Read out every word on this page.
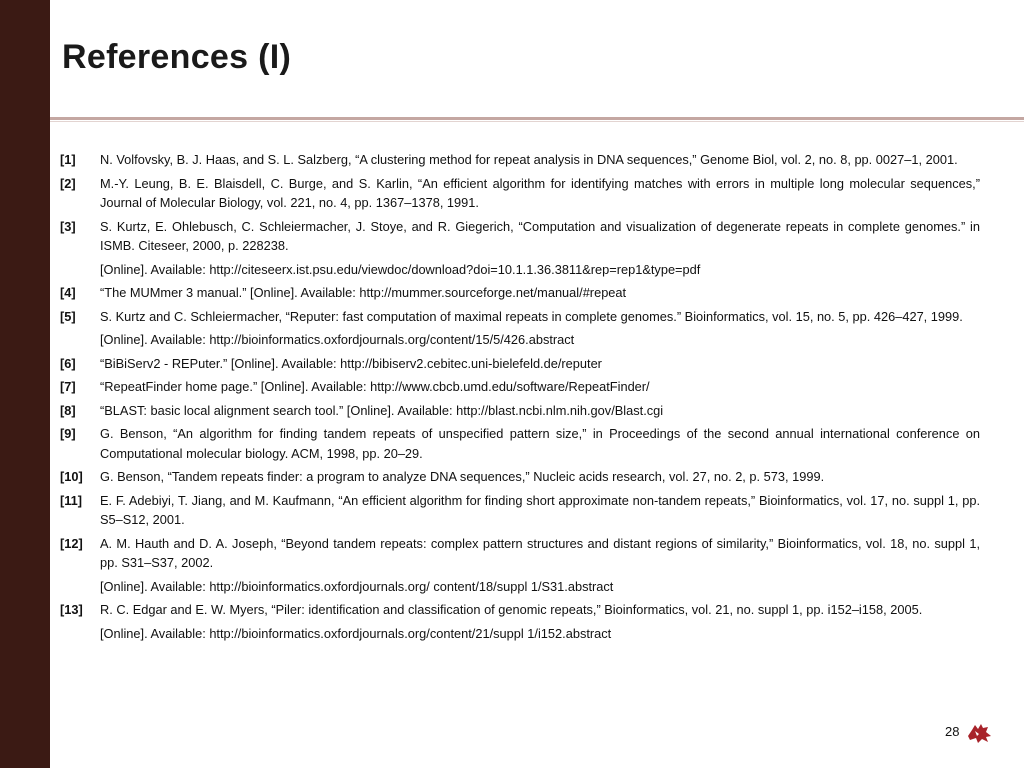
References (I)
[1]	N. Volfovsky, B. J. Haas, and S. L. Salzberg, “A clustering method for repeat analysis in DNA sequences,” Genome Biol, vol. 2, no. 8, pp. 0027–1, 2001.
[2]	M.-Y. Leung, B. E. Blaisdell, C. Burge, and S. Karlin, “An efficient algorithm for identifying matches with errors in multiple long molecular sequences,” Journal of Molecular Biology, vol. 221, no. 4, pp. 1367–1378, 1991.
[3]	S. Kurtz, E. Ohlebusch, C. Schleiermacher, J. Stoye, and R. Giegerich, “Computation and visualization of degenerate repeats in complete genomes.” in ISMB. Citeseer, 2000, p. 228238.
[Online]. Available: http://citeseerx.ist.psu.edu/viewdoc/download?doi=10.1.1.36.3811&rep=rep1&type=pdf
[4]	“The MUMmer 3 manual.” [Online]. Available: http://mummer.sourceforge.net/manual/#repeat
[5]	S. Kurtz and C. Schleiermacher, “Reputer: fast computation of maximal repeats in complete genomes.” Bioinformatics, vol. 15, no. 5, pp. 426–427, 1999.
[Online]. Available: http://bioinformatics.oxfordjournals.org/content/15/5/426.abstract
[6]	“BiBiServ2 - REPuter.” [Online]. Available: http://bibiserv2.cebitec.uni-bielefeld.de/reputer
[7]	“RepeatFinder home page.” [Online]. Available: http://www.cbcb.umd.edu/software/RepeatFinder/
[8]	“BLAST: basic local alignment search tool.” [Online]. Available: http://blast.ncbi.nlm.nih.gov/Blast.cgi
[9]	G. Benson, “An algorithm for finding tandem repeats of unspecified pattern size,” in Proceedings of the second annual international conference on Computational molecular biology. ACM, 1998, pp. 20–29.
[10]	G. Benson, “Tandem repeats finder: a program to analyze DNA sequences,” Nucleic acids research, vol. 27, no. 2, p. 573, 1999.
[11]	E. F. Adebiyi, T. Jiang, and M. Kaufmann, “An efficient algorithm for finding short approximate non-tandem repeats,” Bioinformatics, vol. 17, no. suppl 1, pp. S5–S12, 2001.
[12]	A. M. Hauth and D. A. Joseph, “Beyond tandem repeats: complex pattern structures and distant regions of similarity,” Bioinformatics, vol. 18, no. suppl 1, pp. S31–S37, 2002.
[Online]. Available: http://bioinformatics.oxfordjournals.org/ content/18/suppl 1/S31.abstract
[13]	R. C. Edgar and E. W. Myers, “Piler: identification and classification of genomic repeats,” Bioinformatics, vol. 21, no. suppl 1, pp. i152–i158, 2005.
[Online]. Available: http://bioinformatics.oxfordjournals.org/content/21/suppl 1/i152.abstract
28
